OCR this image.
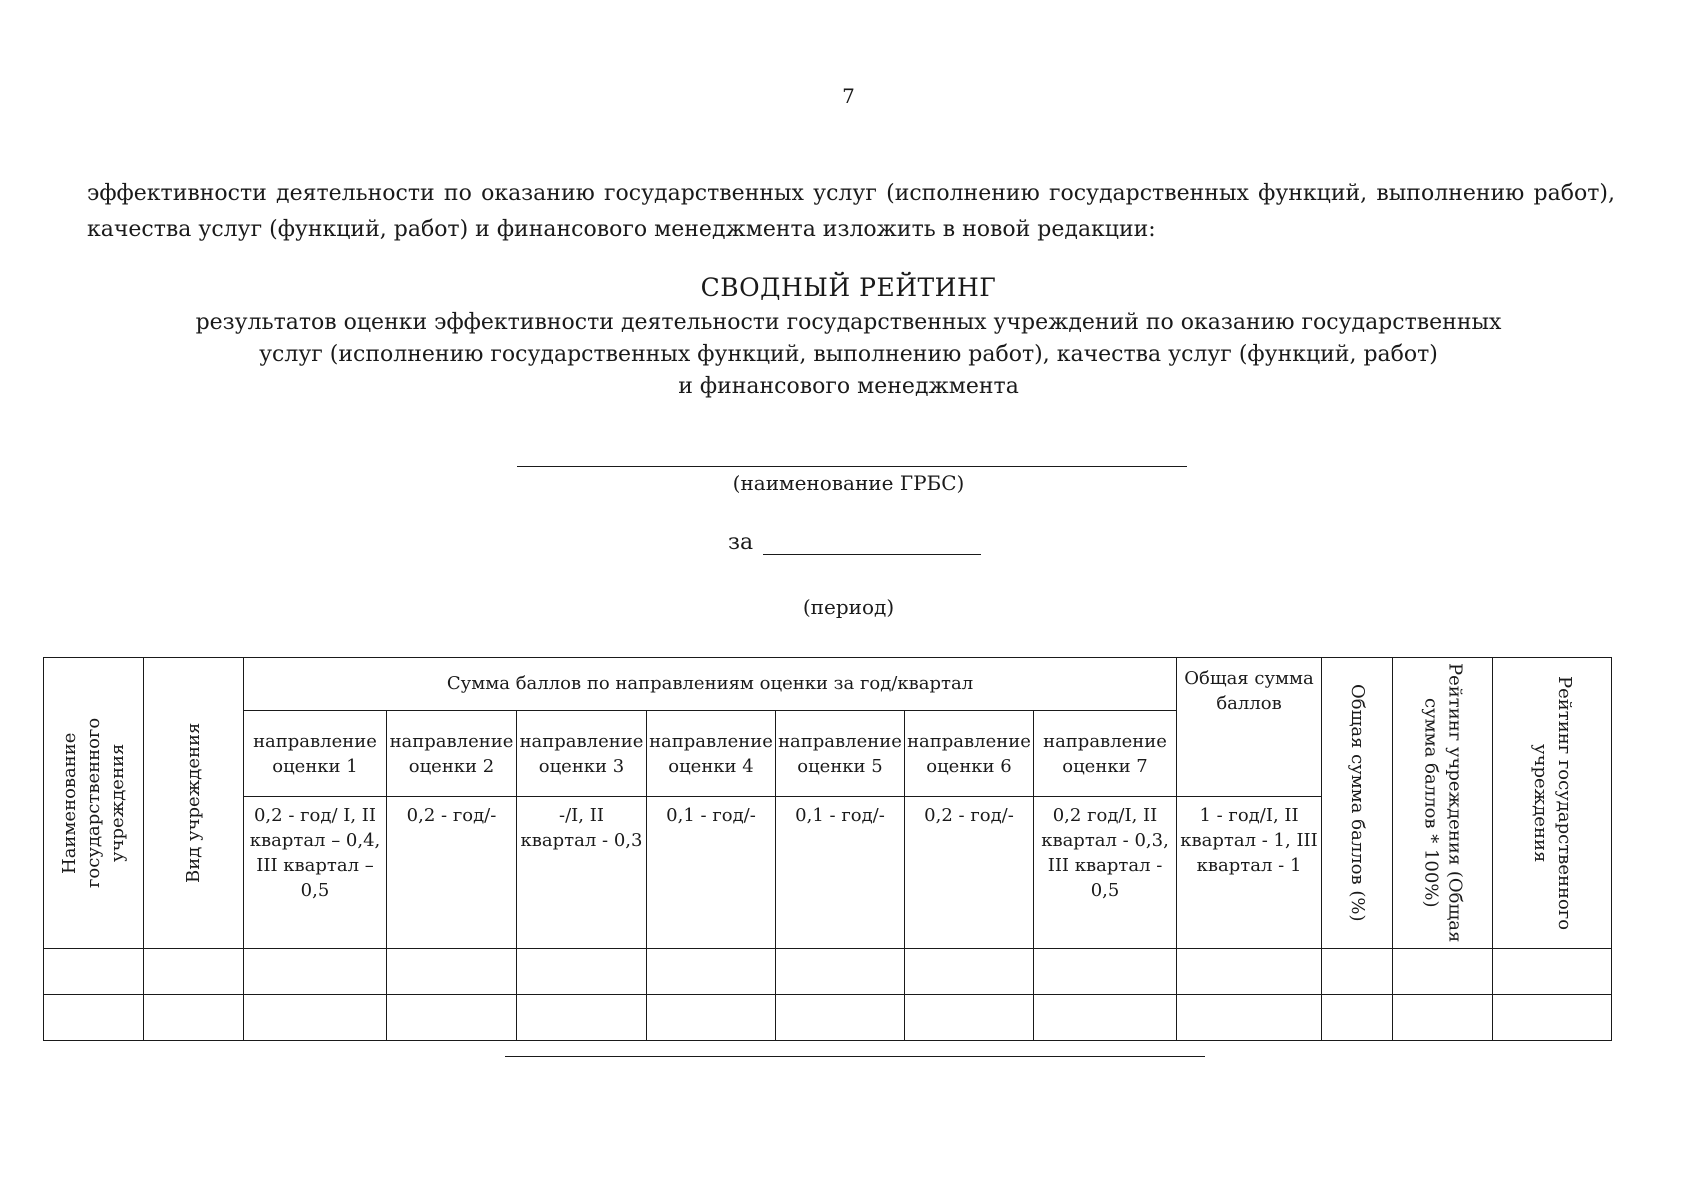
7

эффективности деятельности по оказанию государственных услуг (исполнению государственных функций, выполнению работ), качества услуг (функций, работ) и финансового менеджмента изложить в новой редакции:

СВОДНЫЙ РЕЙТИНГ
результатов оценки эффективности деятельности государственных учреждений по оказанию государственных
услуг (исполнению государственных функций, выполнению работ), качества услуг (функций, работ)
и финансового менеджмента
(наименование ГРБС)
за
(период)
Наименование государственного учреждения	Вид учреждения	Сумма баллов по направлениям оценки за год/квартал							Общая сумма баллов	Общая сумма баллов (%)	Рейтинг учреждения (Общая сумма баллов * 100%)	Рейтинг государственного учреждения

		направление оценки 1	направление оценки 2	направление оценки 3	направление оценки 4	направление оценки 5	направление оценки 6	направление оценки 7				
		0,2 - год/ I, II квартал – 0,4, III квартал – 0,5	0,2 - год/-	-/I, II квартал - 0,3	0,1 - год/-	0,1 - год/-	0,2 - год/-	0,2 год/I, II квартал - 0,3, III квартал - 0,5	1 - год/I, II квартал - 1, III квартал - 1			
